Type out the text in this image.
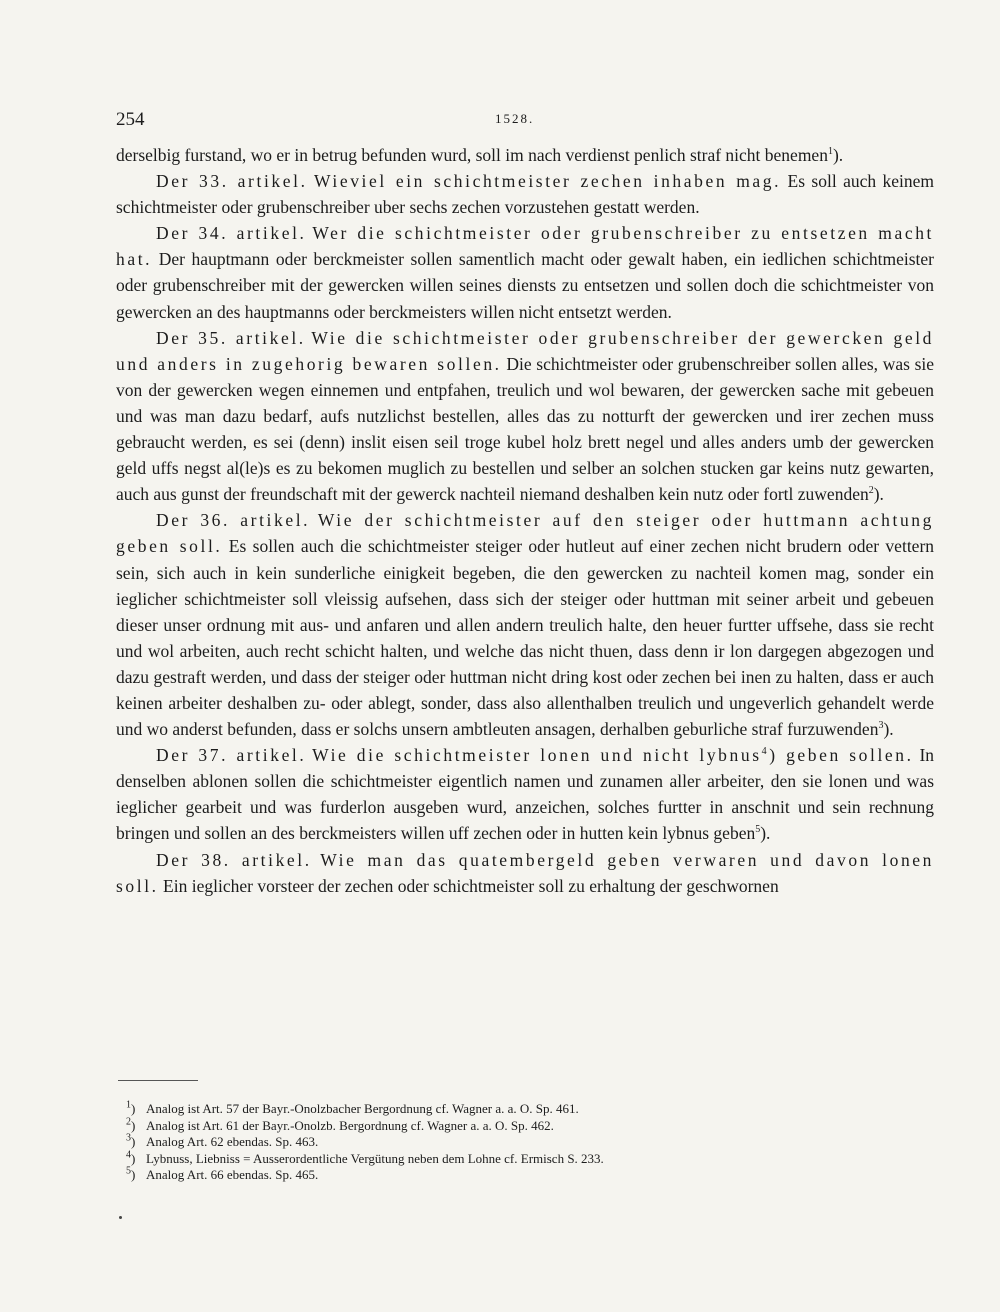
254	1528.

derselbig furstand, wo er in betrug befunden wurd, soll im nach verdienst penlich straf nicht benemen$^1$).

Der 33. artikel. Wieviel ein schichtmeister zechen inhaben mag. Es soll auch keinem schichtmeister oder grubenschreiber uber sechs zechen vorzustehen gestatt werden.

Der 34. artikel. Wer die schichtmeister oder grubenschreiber zu entsetzen macht hat. Der hauptmann oder berckmeister sollen samentlich macht oder gewalt haben, ein iedlichen schichtmeister oder grubenschreiber mit der gewercken willen seines diensts zu entsetzen und sollen doch die schichtmeister von gewercken an des hauptmanns oder berckmeisters willen nicht entsetzt werden.

Der 35. artikel. Wie die schichtmeister oder grubenschreiber der gewercken geld und anders in zugehorig bewaren sollen. Die schichtmeister oder grubenschreiber sollen alles, was sie von der gewercken wegen einnemen und entpfahen, treulich und wol bewaren, der gewercken sache mit gebeuen und was man dazu bedarf, aufs nutzlichst bestellen, alles das zu notturft der gewercken und irer zechen muss gebraucht werden, es sei (denn) inslit eisen seil troge kubel holz brett negel und alles anders umb der gewercken geld uffs negst al(le)s es zu bekomen muglich zu bestellen und selber an solchen stucken gar keins nutz gewarten, auch aus gunst der freundschaft mit der gewerck nachteil niemand deshalben kein nutz oder fortl zuwenden$^2$).

Der 36. artikel. Wie der schichtmeister auf den steiger oder huttmann achtung geben soll. Es sollen auch die schichtmeister steiger oder hutleut auf einer zechen nicht brudern oder vettern sein, sich auch in kein sunderliche einigkeit begeben, die den gewercken zu nachteil komen mag, sonder ein ieglicher schichtmeister soll vleissig aufsehen, dass sich der steiger oder huttman mit seiner arbeit und gebeuen dieser unser ordnung mit aus- und anfaren und allen andern treulich halte, den heuer furtter uffsehe, dass sie recht und wol arbeiten, auch recht schicht halten, und welche das nicht thuen, dass denn ir lon dargegen abgezogen und dazu gestraft werden, und dass der steiger oder huttman nicht dring kost oder zechen bei inen zu halten, dass er auch keinen arbeiter deshalben zu- oder ablegt, sonder, dass also allenthalben treulich und ungeverlich gehandelt werde und wo anderst befunden, dass er solchs unsern ambtleuten ansagen, derhalben geburliche straf furzuwenden$^3$).

Der 37. artikel. Wie die schichtmeister lonen und nicht lybnus$^4$) geben sollen. In denselben ablonen sollen die schichtmeister eigentlich namen und zunamen aller arbeiter, den sie lonen und was ieglicher gearbeit und was furderlon ausgeben wurd, anzeichen, solches furtter in anschnit und sein rechnung bringen und sollen an des berckmeisters willen uff zechen oder in hutten kein lybnus geben$^5$).

Der 38. artikel. Wie man das quatembergeld geben verwaren und davon lonen soll. Ein ieglicher vorsteer der zechen oder schichtmeister soll zu erhaltung der geschwornen

$^1$) Analog ist Art. 57 der Bayr.-Onolzbacher Bergordnung cf. Wagner a. a. O. Sp. 461.

$^2$) Analog ist Art. 61 der Bayr.-Onolzb. Bergordnung cf. Wagner a. a. O. Sp. 462.

$^3$) Analog Art. 62 ebendas. Sp. 463.

$^4$) Lybnuss, Liebniss = Ausserordentliche Vergütung neben dem Lohne cf. Ermisch S. 233.

$^5$) Analog Art. 66 ebendas. Sp. 465.
